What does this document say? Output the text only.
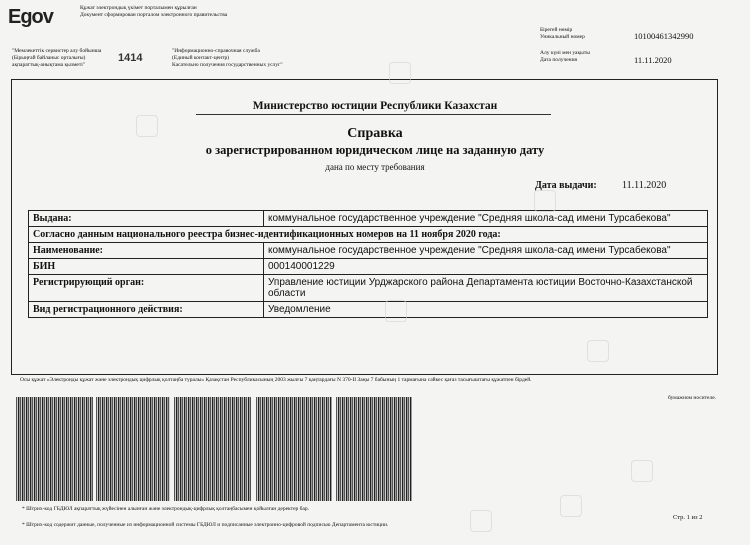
Egov	Құжат электрондық үкімет порталымен құрылған
Документ сформирован порталом электронного правительства
"Мемлекеттік сервистер алу бойынша
(Бірыңғай байланыс орталығы)
ақпараттық-анықтама қызметі"
1414
"Информационно-справочная служба
(Единый контакт-центр)
Касательно получения государственных услуг"
Бірегей нөмір
Уникальный номер	10100461342990
Алу күні мен уақыты
Дата получения	11.11.2020
Министерство юстиции Республики Казахстан
Справка
о зарегистрированном юридическом лице на заданную дату
дана по месту требования
Дата выдачи:	11.11.2020
Выдана:	коммунальное государственное учреждение "Средняя школа-сад имени Турсабекова"
Согласно данным национального реестра бизнес-идентификационных номеров на 11 ноября 2020 года:	
Наименование:	коммунальное государственное учреждение "Средняя школа-сад имени Турсабекова"
БИН	000140001229
Регистрирующий орган:	Управление юстиции Урджарского района Департамента юстиции Восточно-Казахстанской области
Вид регистрационного действия:	Уведомление
Осы құжат «Электронды құжат және электрондық цифрлық қолтаңба туралы» Қазақстан Республикасының 2003 жылғы 7 қаңтардағы N 370-II Заңы 7 бабының 1 тармағына сәйкес қағаз тасығыштағы құжатпен бірдей.
бумажном носителе.
* Штрих-код ГБДЮЛ ақпараттық жүйесінен алынған және электрондық-цифрлық қолтаңбасымен қойылған деректер бар.
* Штрих-код содержит данные, полученные из информационной системы ГБДЮЛ и подписанные электронно-цифровой подписью Департамента юстиции.
Стр. 1 из 2
